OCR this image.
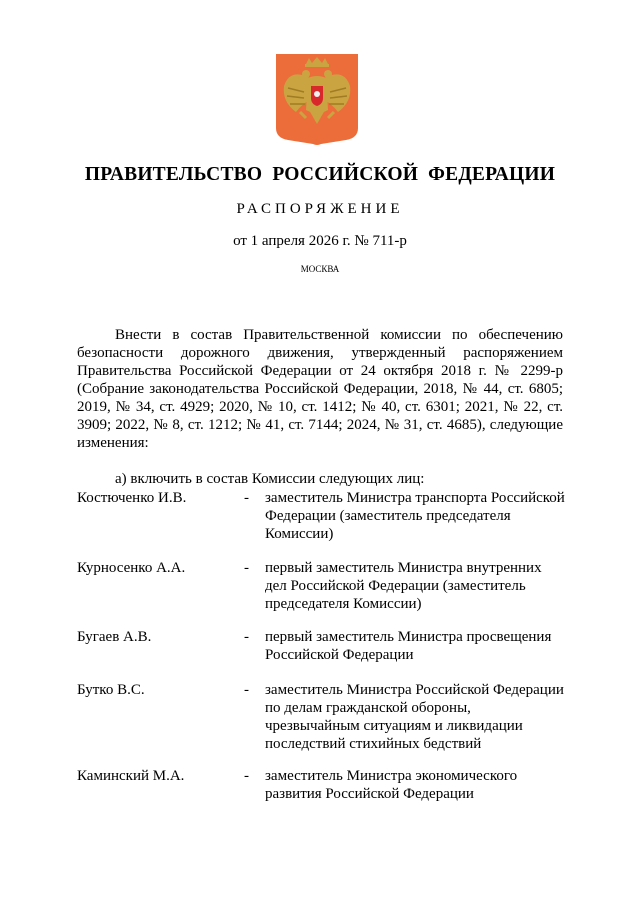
ПРАВИТЕЛЬСТВО РОССИЙСКОЙ ФЕДЕРАЦИИ
РАСПОРЯЖЕНИЕ
от 1 апреля 2026 г. № 711-р
МОСКВА
Внести в состав Правительственной комиссии по обеспечению безопасности дорожного движения, утвержденный распоряжением Правительства Российской Федерации от 24 октября 2018 г. № 2299-р (Собрание законодательства Российской Федерации, 2018, № 44, ст. 6805; 2019, № 34, ст. 4929; 2020, № 10, ст. 1412; № 40, ст. 6301; 2021, № 22, ст. 3909; 2022, № 8, ст. 1212; № 41, ст. 7144; 2024, № 31, ст. 4685), следующие изменения:
а) включить в состав Комиссии следующих лиц:
Костюченко И.В.	- заместитель Министра транспорта Российской Федерации (заместитель председателя Комиссии)
Курносенко А.А.	- первый заместитель Министра внутренних дел Российской Федерации (заместитель председателя Комиссии)
Бугаев А.В.	- первый заместитель Министра просвещения Российской Федерации
Бутко В.С.	- заместитель Министра Российской Федерации по делам гражданской обороны, чрезвычайным ситуациям и ликвидации последствий стихийных бедствий
Каминский М.А.	- заместитель Министра экономического развития Российской Федерации
